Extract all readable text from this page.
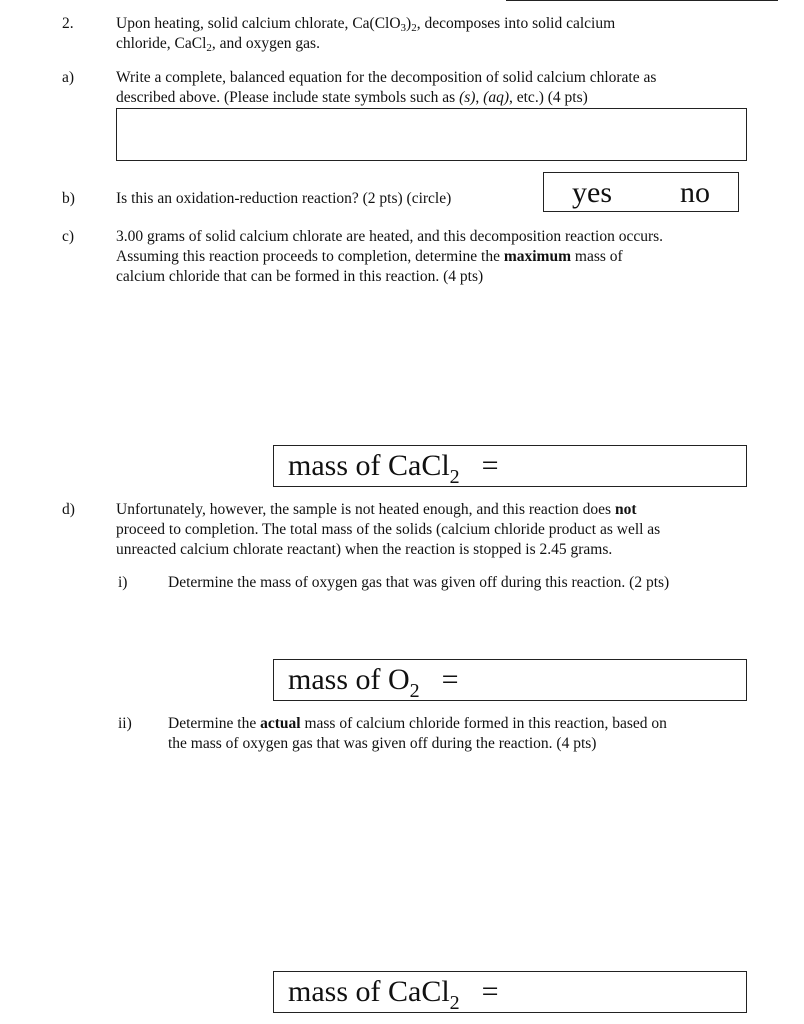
2.	Upon heating, solid calcium chlorate, $Ca(ClO_3)_2$, decomposes into solid calcium
chloride, CaCl$_2$, and oxygen gas.
a)	Write a complete, balanced equation for the decomposition of solid calcium chlorate as
described above. (Please include state symbols such as (s), (aq), etc.) (4 pts)
b)	Is this an oxidation-reduction reaction? (2 pts) (circle)	yes no
c)	3.00 grams of solid calcium chlorate are heated, and this decomposition reaction occurs.
Assuming this reaction proceeds to completion, determine the maximum mass of
calcium chloride that can be formed in this reaction. (4 pts)
mass of CaCl$_2$ =
d)	Unfortunately, however, the sample is not heated enough, and this reaction does not
proceed to completion. The total mass of the solids (calcium chloride product as well as
unreacted calcium chlorate reactant) when the reaction is stopped is 2.45 grams.
i)	Determine the mass of oxygen gas that was given off during this reaction. (2 pts)
mass of $O_2$ =
ii) Determine the actual mass of calcium chloride formed in this reaction, based on
the mass of oxygen gas that was given off during the reaction. (4 pts)
mass of CaCl$_2$ =
